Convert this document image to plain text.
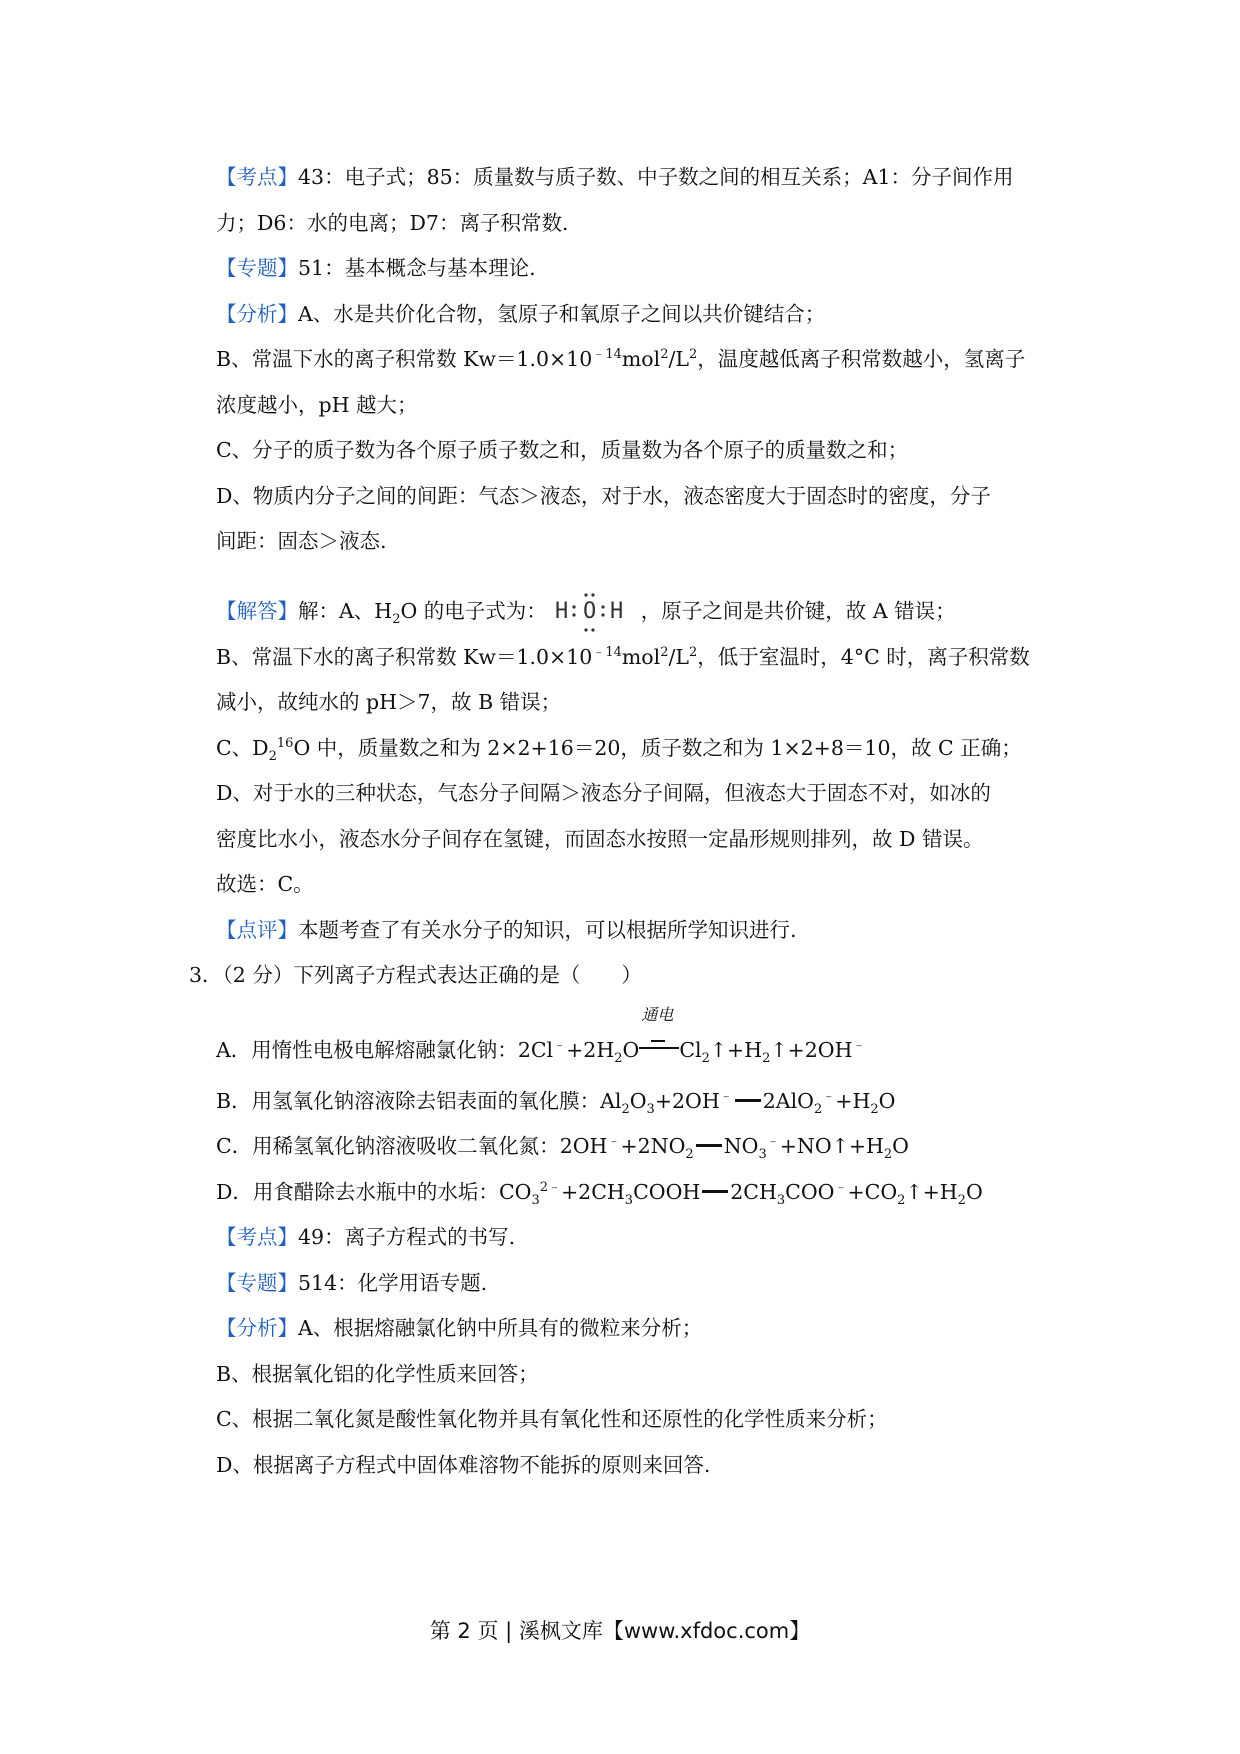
【考点】43：电子式；85：质量数与质子数、中子数之间的相互关系；A1：分子间作用
力；D6：水的电离；D7：离子积常数.
【专题】51：基本概念与基本理论.
【分析】A、水是共价化合物，氢原子和氧原子之间以共价键结合；
B、常温下水的离子积常数 $Kw=1.0\times 10^{﹣14}mol^2/L^2$，温度越低离子积常数越小，氢离子
浓度越小，pH 越大；
C、分子的质子数为各个原子质子数之和，质量数为各个原子的质量数之和；
D、物质内分子之间的间距：气态＞液态，对于水，液态密度大于固态时的密度，分子
间距：固态＞液态.
【解答】解：A、$H_2O$ 的电子式为： H O H ，原子之间是共价键，故 A 错误；
B、常温下水的离子积常数 $Kw=1.0\times 10^{﹣14}mol^2/L^2$，低于室温时，4°C 时，离子积常数
减小，故纯水的 pH＞7，故 B 错误；
C、$D_2^{16}O$ 中，质量数之和为 2×2+16＝20，质子数之和为 1×2+8＝10，故 C 正确；
D、对于水的三种状态，气态分子间隔＞液态分子间隔，但液态大于固态不对，如冰的
密度比水小，液态水分子间存在氢键，而固态水按照一定晶形规则排列，故 D 错误。
故选：C。
【点评】本题考查了有关水分子的知识，可以根据所学知识进行.
3．（2 分）下列离子方程式表达正确的是（　　）
A．用惰性电极电解熔融氯化钠：$2Cl^﹣+2H_2O$
通电
$Cl_2↑+H_2↑+2OH^﹣$
B．用氢氧化钠溶液除去铝表面的氧化膜：$Al_2O_3+2OH^﹣$ $2AlO_2^﹣+H_2O$
C．用稀氢氧化钠溶液吸收二氧化氮：$2OH^﹣+2NO_2$ $NO_3^﹣+NO↑+H_2O$
D．用食醋除去水瓶中的水垢：$CO_3^{2﹣}+2CH_3COOH$ $2CH_3COO^﹣+CO_2↑+H_2O$
【考点】49：离子方程式的书写.
【专题】514：化学用语专题.
【分析】A、根据熔融氯化钠中所具有的微粒来分析；
B、根据氧化铝的化学性质来回答；
C、根据二氧化氮是酸性氧化物并具有氧化性和还原性的化学性质来分析；
D、根据离子方程式中固体难溶物不能拆的原则来回答.
第 2 页 | 溪枫文库【www.xfdoc.com】
